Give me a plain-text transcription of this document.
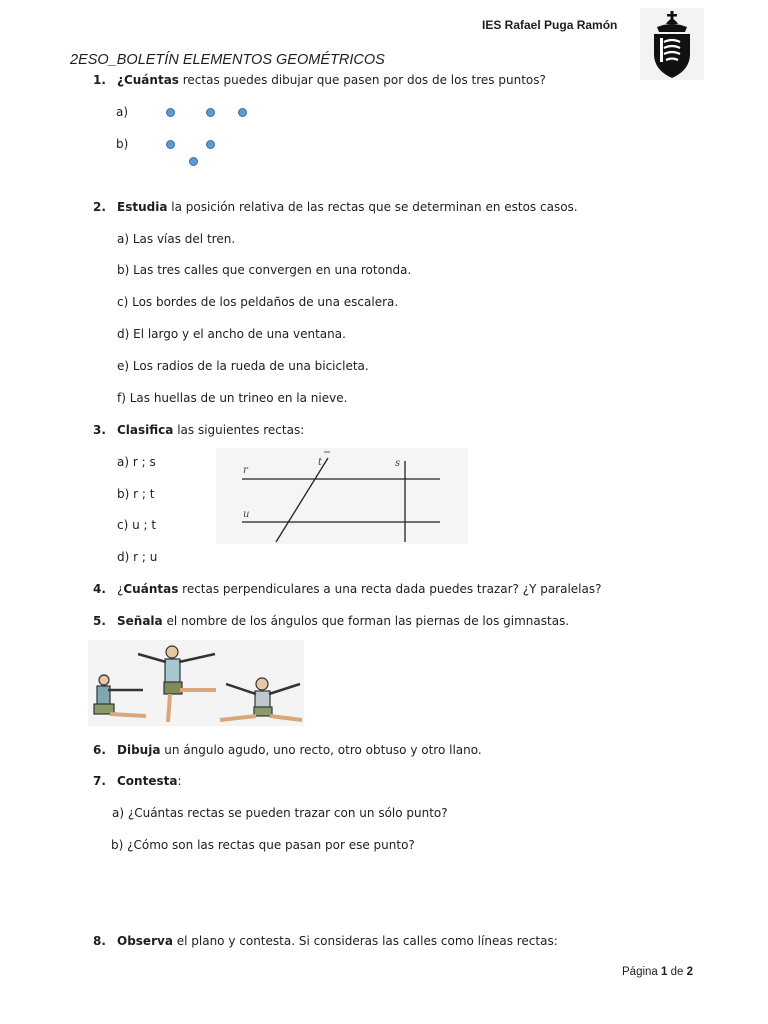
IES Rafael Puga Ramón
2ESO_BOLETÍN ELEMENTOS GEOMÉTRICOS
1. ¿Cuántas rectas puedes dibujar que pasen por dos de los tres puntos?
a)
b)
2. Estudia la posición relativa de las rectas que se determinan en estos casos.
a) Las vías del tren.
b) Las tres calles que convergen en una rotonda.
c) Los bordes de los peldaños de una escalera.
d) El largo y el ancho de una ventana.
e) Los radios de la rueda de una bicicleta.
f) Las huellas de un trineo en la nieve.
3. Clasifica las siguientes rectas:
a) r ; s
b) r ; t
c) u ; t
d) r ; u
r
t	s
u
4. ¿Cuántas rectas perpendiculares a una recta dada puedes trazar? ¿Y paralelas?
5. Señala el nombre de los ángulos que forman las piernas de los gimnastas.
6. Dibuja un ángulo agudo, uno recto, otro obtuso y otro llano.
7. Contesta:
a) ¿Cuántas rectas se pueden trazar con un sólo punto?
b) ¿Cómo son las rectas que pasan por ese punto?
8. Observa el plano y contesta. Si consideras las calles como líneas rectas:
Página 1 de 2
